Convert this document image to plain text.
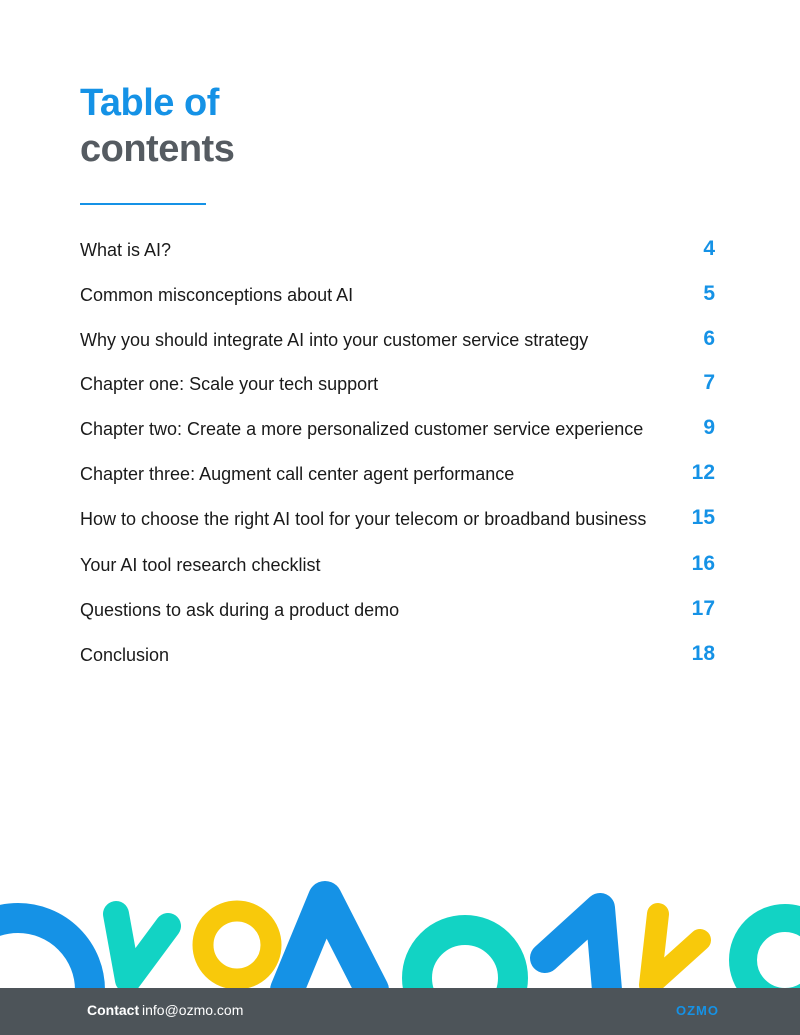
Table of
contents
What is AI?	4
Common misconceptions about AI	5
Why you should integrate AI into your customer service strategy	6
Chapter one: Scale your tech support	7
Chapter two: Create a more personalized customer service experience	9
Chapter three: Augment call center agent performance	12
How to choose the right AI tool for your telecom or broadband business 15
Your AI tool research checklist	16
Questions to ask during a product demo	17
Conclusion	18
Contact info@ozmo.com	OZMO
